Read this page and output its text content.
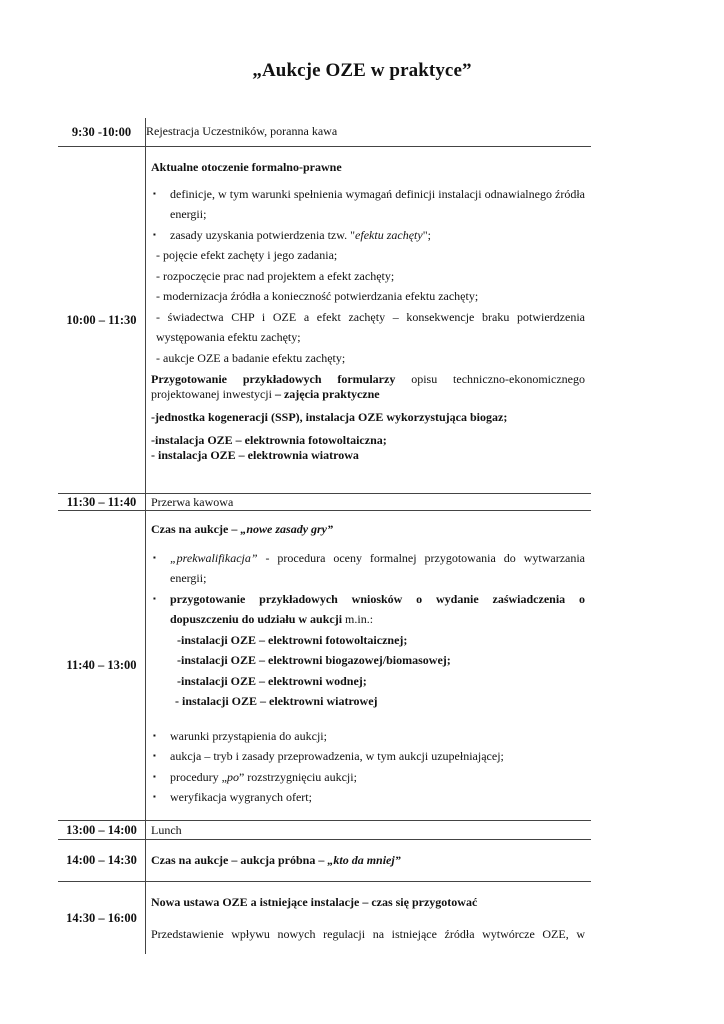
„Aukcje OZE w praktyce”
9:30 -10:00	Rejestracja Uczestników, poranna kawa
10:00 – 11:30
Aktualne otoczenie formalno-prawne
▪	definicje, w tym warunki spełnienia wymagań definicji instalacji odnawialnego źródła energii;
▪	zasady uzyskania potwierdzenia tzw. "efektu zachęty";
- pojęcie efekt zachęty i jego zadania;
- rozpoczęcie prac nad projektem a efekt zachęty;
- modernizacja źródła a konieczność potwierdzania efektu zachęty;
- świadectwa CHP i OZE a efekt zachęty – konsekwencje braku potwierdzenia
występowania efektu zachęty;
- aukcje OZE a badanie efektu zachęty;
Przygotowanie przykładowych formularzy opisu techniczno-ekonomicznego projektowanej inwestycji – zajęcia praktyczne
-jednostka kogeneracji (SSP), instalacja OZE wykorzystująca biogaz;
-instalacja OZE – elektrownia fotowoltaiczna;
- instalacja OZE – elektrownia wiatrowa
11:30 – 11:40	Przerwa kawowa
11:40 – 13:00
Czas na aukcje – „nowe zasady gry”
▪	„prekwalifikacja” - procedura oceny formalnej przygotowania do wytwarzania energii;
▪	przygotowanie przykładowych wniosków o wydanie zaświadczenia o dopuszczeniu do udziału w aukcji m.in.:
-instalacji OZE – elektrowni fotowoltaicznej;
-instalacji OZE – elektrowni biogazowej/biomasowej;
-instalacji OZE – elektrowni wodnej;
- instalacji OZE – elektrowni wiatrowej
▪	warunki przystąpienia do aukcji;
▪	aukcja – tryb i zasady przeprowadzenia, w tym aukcji uzupełniającej;
▪	procedury „po” rozstrzygnięciu aukcji;
▪	weryfikacja wygranych ofert;
13:00 – 14:00	Lunch
14:00 – 14:30	Czas na aukcje – aukcja próbna – „kto da mniej”
14:30 – 16:00
Nowa ustawa OZE a istniejące instalacje – czas się przygotować
Przedstawienie wpływu nowych regulacji na istniejące źródła wytwórcze OZE, w
